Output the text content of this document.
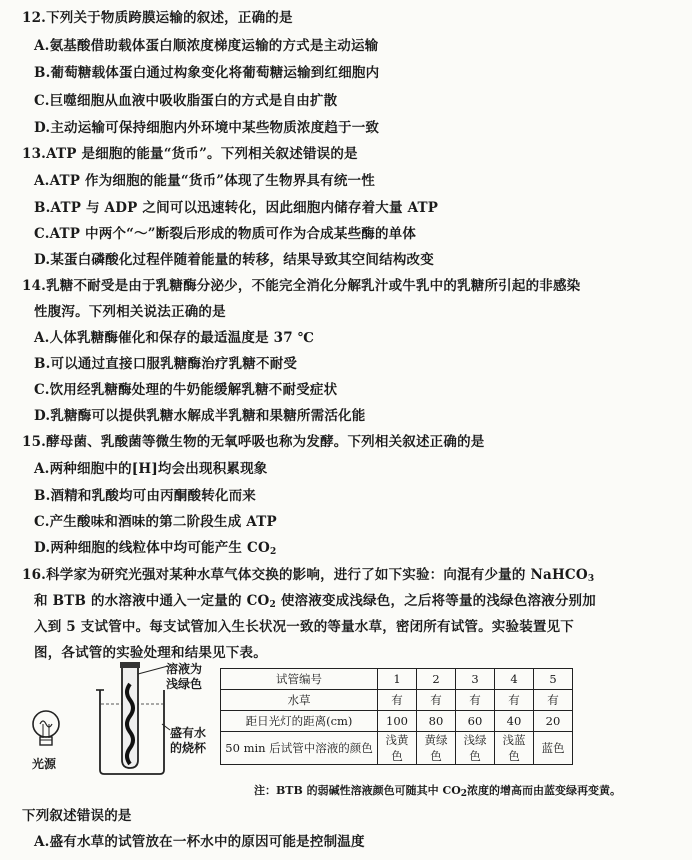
12.下列关于物质跨膜运输的叙述，正确的是
A.氨基酸借助载体蛋白顺浓度梯度运输的方式是主动运输
B.葡萄糖载体蛋白通过构象变化将葡萄糖运输到红细胞内
C.巨噬细胞从血液中吸收脂蛋白的方式是自由扩散
D.主动运输可保持细胞内外环境中某些物质浓度趋于一致
13.ATP 是细胞的能量“货币”。下列相关叙述错误的是
A.ATP 作为细胞的能量“货币”体现了生物界具有统一性
B.ATP 与 ADP 之间可以迅速转化，因此细胞内储存着大量 ATP
C.ATP 中两个“～”断裂后形成的物质可作为合成某些酶的单体
D.某蛋白磷酸化过程伴随着能量的转移，结果导致其空间结构改变
14.乳糖不耐受是由于乳糖酶分泌少，不能完全消化分解乳汁或牛乳中的乳糖所引起的非感染
性腹泻。下列相关说法正确的是
A.人体乳糖酶催化和保存的最适温度是 37 ℃
B.可以通过直接口服乳糖酶治疗乳糖不耐受
C.饮用经乳糖酶处理的牛奶能缓解乳糖不耐受症状
D.乳糖酶可以提供乳糖水解成半乳糖和果糖所需活化能
15.酵母菌、乳酸菌等微生物的无氧呼吸也称为发酵。下列相关叙述正确的是
A.两种细胞中的[H]均会出现积累现象
B.酒精和乳酸均可由丙酮酸转化而来
C.产生酸味和酒味的第二阶段生成 ATP
D.两种细胞的线粒体中均可能产生 $CO_2$
16.科学家为研究光强对某种水草气体交换的影响，进行了如下实验：向混有少量的 NaHCO$_3$
和 BTB 的水溶液中通入一定量的 $CO_2$ 使溶液变成浅绿色，之后将等量的浅绿色溶液分别加
入到 5 支试管中。每支试管加入生长状况一致的等量水草，密闭所有试管。实验装置见下
图，各试管的实验处理和结果见下表。
光源
溶液为
浅绿色
盛有水
的烧杯
试管编号	1	2	3	4	5
水草	有	有	有	有	有
距日光灯的距离(cm)	100	80	60	40	20
50 min 后试管中溶液的颜色	浅黄色	黄绿色	浅绿色	浅蓝色	蓝色
注：BTB 的弱碱性溶液颜色可随其中 $CO_2$浓度的增高而由蓝变绿再变黄。
下列叙述错误的是
A.盛有水草的试管放在一杯水中的原因可能是控制温度
